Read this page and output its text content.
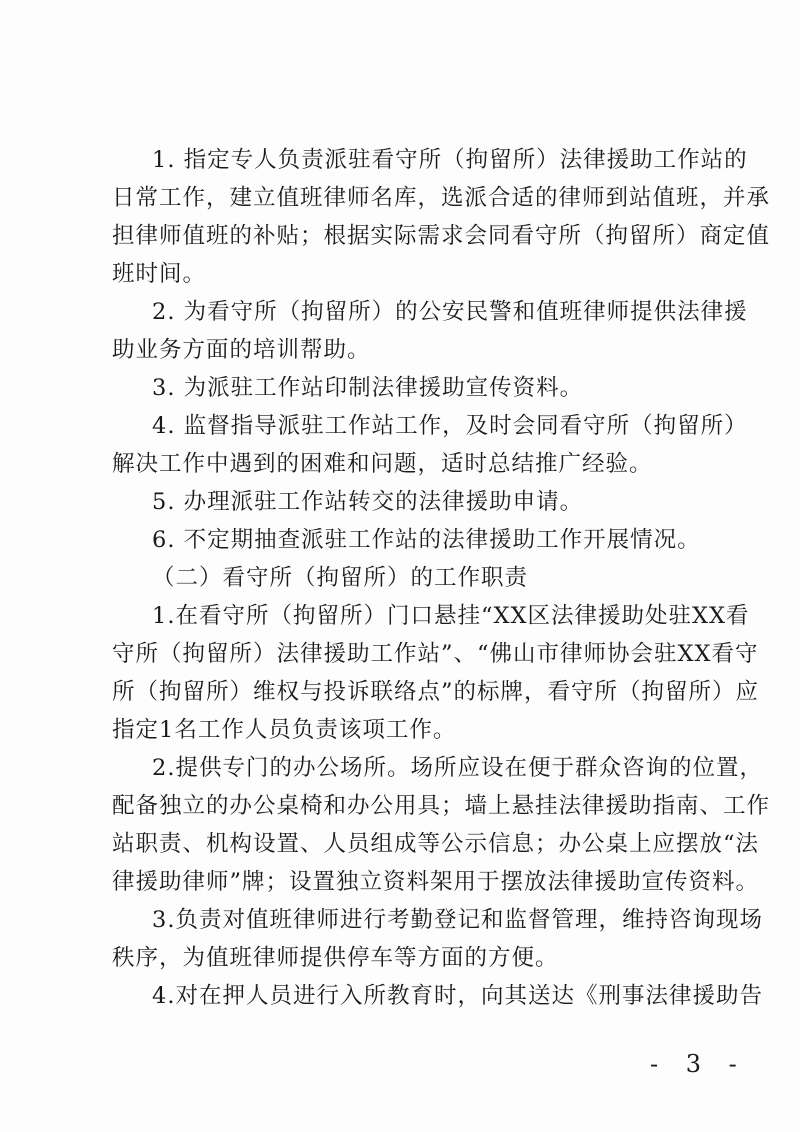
1. 指定专人负责派驻看守所（拘留所）法律援助工作站的
日常工作，建立值班律师名库，选派合适的律师到站值班，并承
担律师值班的补贴；根据实际需求会同看守所（拘留所）商定值
班时间。
2. 为看守所（拘留所）的公安民警和值班律师提供法律援
助业务方面的培训帮助。
3. 为派驻工作站印制法律援助宣传资料。
4. 监督指导派驻工作站工作，及时会同看守所（拘留所）
解决工作中遇到的困难和问题，适时总结推广经验。
5. 办理派驻工作站转交的法律援助申请。
6. 不定期抽查派驻工作站的法律援助工作开展情况。
（二）看守所（拘留所）的工作职责
1.在看守所（拘留所）门口悬挂“XX区法律援助处驻XX看
守所（拘留所）法律援助工作站”、“佛山市律师协会驻XX看守
所（拘留所）维权与投诉联络点”的标牌，看守所（拘留所）应
指定1名工作人员负责该项工作。
2.提供专门的办公场所。场所应设在便于群众咨询的位置，
配备独立的办公桌椅和办公用具；墙上悬挂法律援助指南、工作
站职责、机构设置、人员组成等公示信息；办公桌上应摆放“法
律援助律师”牌；设置独立资料架用于摆放法律援助宣传资料。
3.负责对值班律师进行考勤登记和监督管理，维持咨询现场
秩序，为值班律师提供停车等方面的方便。
4.对在押人员进行入所教育时，向其送达《刑事法律援助告
- 3 -
